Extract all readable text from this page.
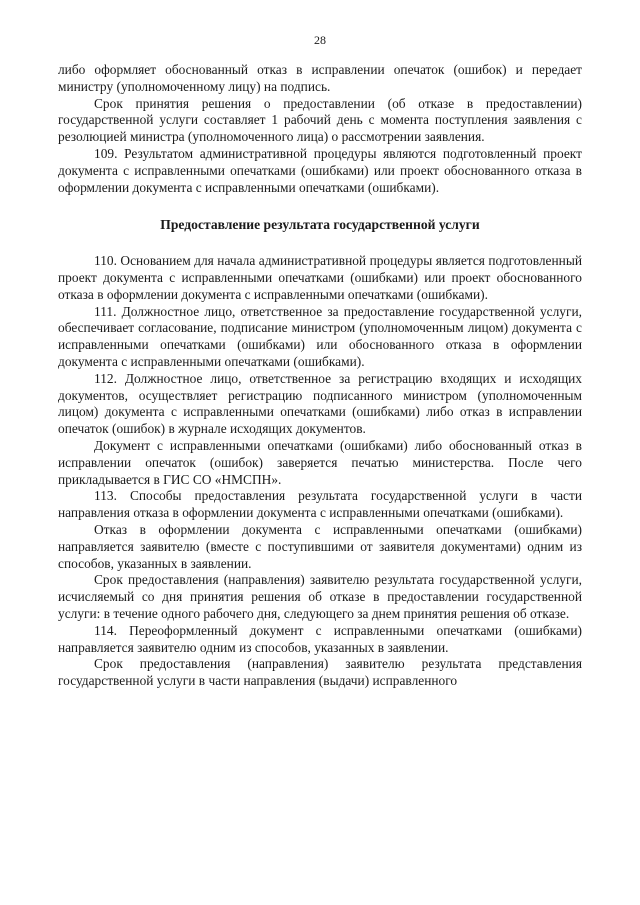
28

либо оформляет обоснованный отказ в исправлении опечаток (ошибок) и передает министру (уполномоченному лицу) на подпись.

Срок принятия решения о предоставлении (об отказе в предоставлении) государственной услуги составляет 1 рабочий день с момента поступления заявления с резолюцией министра (уполномоченного лица) о рассмотрении заявления.

109. Результатом административной процедуры являются подготовленный проект документа с исправленными опечатками (ошибками) или проект обоснованного отказа в оформлении документа с исправленными опечатками (ошибками).

Предоставление результата государственной услуги

110. Основанием для начала административной процедуры является подготовленный проект документа с исправленными опечатками (ошибками) или проект обоснованного отказа в оформлении документа с исправленными опечатками (ошибками).

111. Должностное лицо, ответственное за предоставление государственной услуги, обеспечивает согласование, подписание министром (уполномоченным лицом) документа с исправленными опечатками (ошибками) или обоснованного отказа в оформлении документа с исправленными опечатками (ошибками).

112. Должностное лицо, ответственное за регистрацию входящих и исходящих документов, осуществляет регистрацию подписанного министром (уполномоченным лицом) документа с исправленными опечатками (ошибками) либо отказ в исправлении опечаток (ошибок) в журнале исходящих документов.

Документ с исправленными опечатками (ошибками) либо обоснованный отказ в исправлении опечаток (ошибок) заверяется печатью министерства. После чего прикладывается в ГИС СО «НМСПН».

113. Способы предоставления результата государственной услуги в части направления отказа в оформлении документа с исправленными опечатками (ошибками).

Отказ в оформлении документа с исправленными опечатками (ошибками) направляется заявителю (вместе с поступившими от заявителя документами) одним из способов, указанных в заявлении.

Срок предоставления (направления) заявителю результата государственной услуги, исчисляемый со дня принятия решения об отказе в предоставлении государственной услуги: в течение одного рабочего дня, следующего за днем принятия решения об отказе.

114. Переоформленный документ с исправленными опечатками (ошибками) направляется заявителю одним из способов, указанных в заявлении.

Срок предоставления (направления) заявителю результата представления государственной услуги в части направления (выдачи) исправленного
